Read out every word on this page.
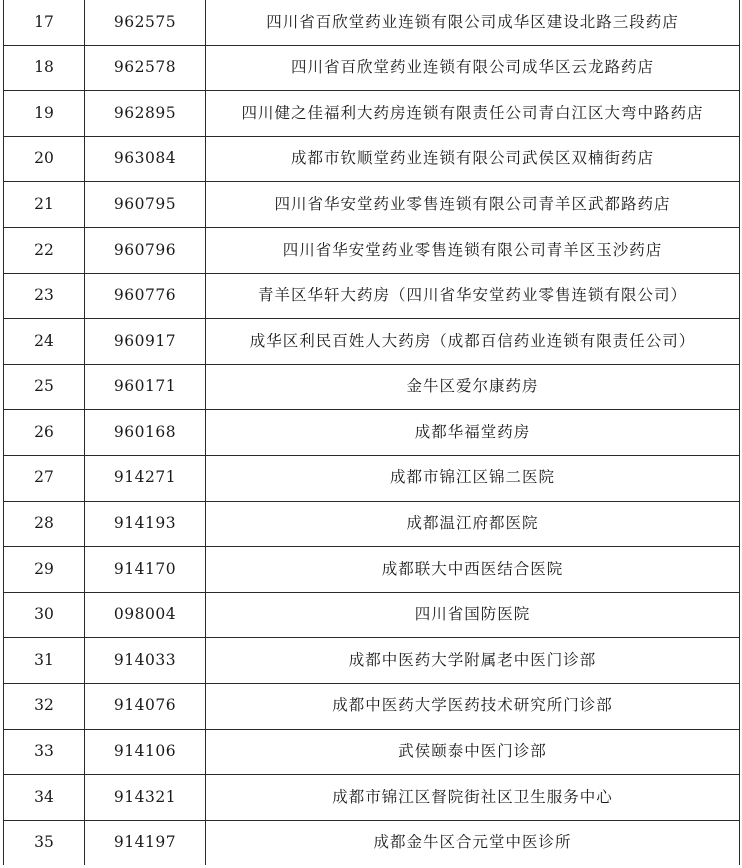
17	962575	四川省百欣堂药业连锁有限公司成华区建设北路三段药店
18	962578	四川省百欣堂药业连锁有限公司成华区云龙路药店
19	962895	四川健之佳福利大药房连锁有限责任公司青白江区大弯中路药店
20	963084	成都市钦顺堂药业连锁有限公司武侯区双楠街药店
21	960795	四川省华安堂药业零售连锁有限公司青羊区武都路药店
22	960796	四川省华安堂药业零售连锁有限公司青羊区玉沙药店
23	960776	青羊区华轩大药房（四川省华安堂药业零售连锁有限公司）
24	960917	成华区利民百姓人大药房（成都百信药业连锁有限责任公司）
25	960171	金牛区爱尔康药房
26	960168	成都华福堂药房
27	914271	成都市锦江区锦二医院
28	914193	成都温江府都医院
29	914170	成都联大中西医结合医院
30	098004	四川省国防医院
31	914033	成都中医药大学附属老中医门诊部
32	914076	成都中医药大学医药技术研究所门诊部
33	914106	武侯颐泰中医门诊部
34	914321	成都市锦江区督院街社区卫生服务中心
35	914197	成都金牛区合元堂中医诊所
